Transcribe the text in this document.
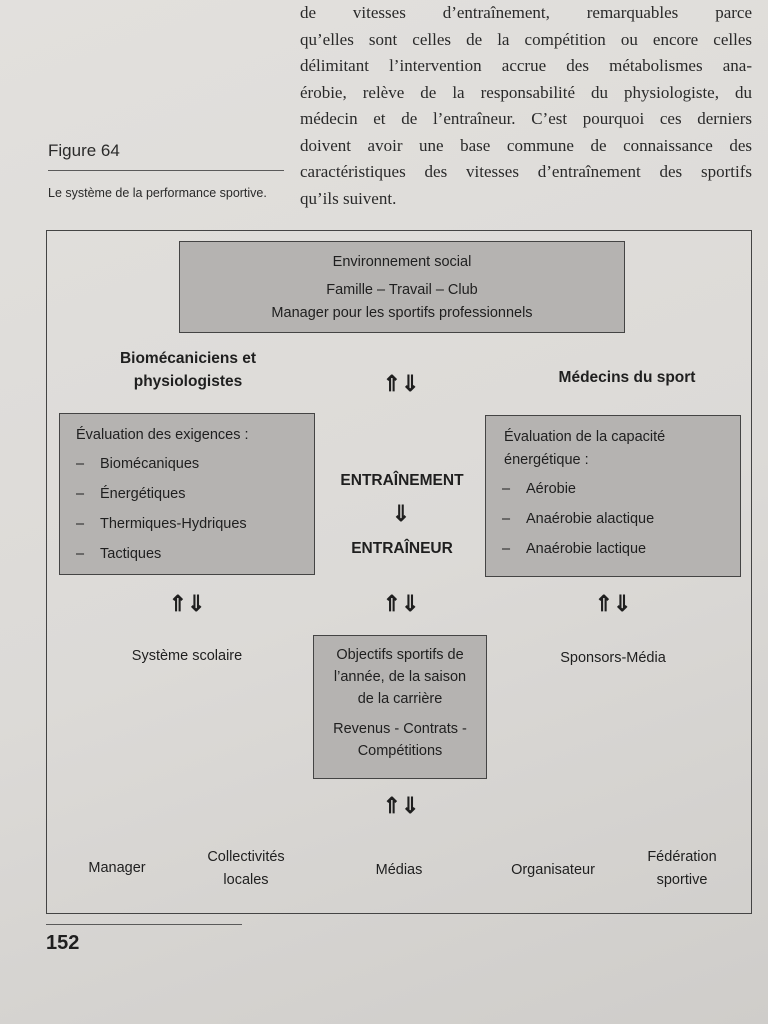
de vitesses d’entraînement, remarquables parce
qu’elles sont celles de la compétition ou encore celles
délimitant l’intervention accrue des métabolismes ana-
érobie, relève de la responsabilité du physiologiste, du
médecin et de l’entraîneur. C’est pourquoi ces derniers
doivent avoir une base commune de connaissance des
caractéristiques des vitesses d’entraînement des sportifs
qu’ils suivent.
Figure 64
Le système de la performance sportive.
Environnement social
Famille – Travail – Club
Manager pour les sportifs professionnels
Biomécaniciens et
physiologistes	Médecins du sport
⇑⇓
Évaluation des exigences :
– Biomécaniques
– Énergétiques
– Thermiques-Hydriques
– Tactiques
ENTRAÎNEMENT
⇓
ENTRAÎNEUR
Évaluation de la capacité
énergétique :
– Aérobie
– Anaérobie alactique
– Anaérobie lactique
⇑⇓	⇑⇓	⇑⇓
Système scolaire	Sponsors-Média
Objectifs sportifs de
l’année, de la saison
de la carrière
Revenus - Contrats -
Compétitions
⇑⇓
Manager
Collectivités
locales
Médias	Organisateur
Fédération
sportive
152
